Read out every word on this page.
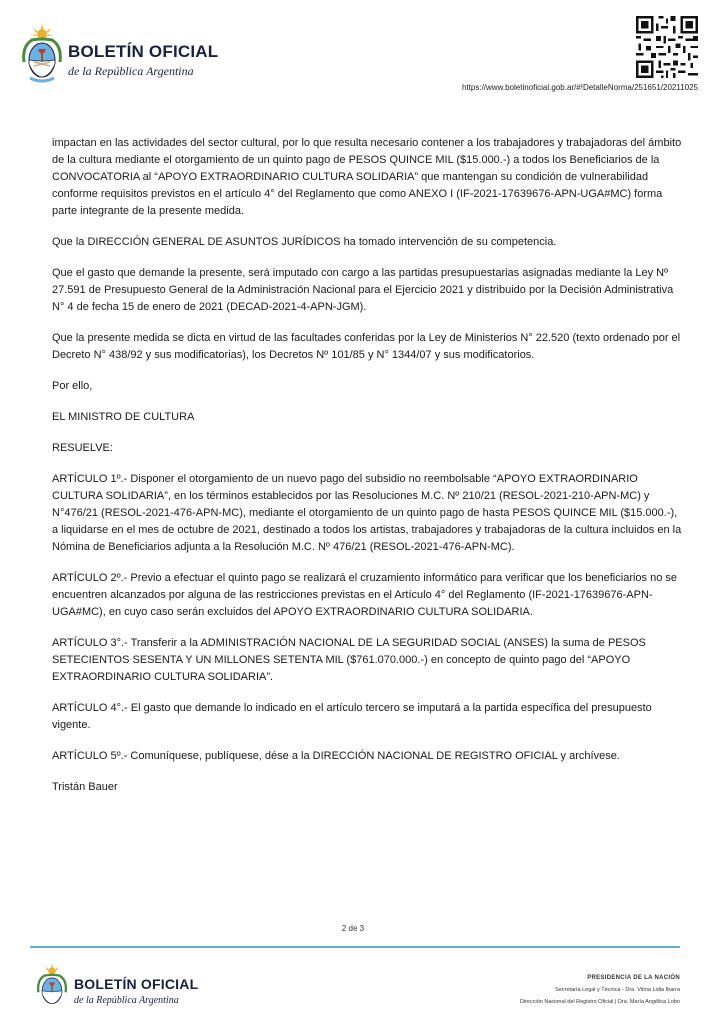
BOLETÍN OFICIAL
de la República Argentina
https://www.boletinoficial.gob.ar/#!DetalleNorma/251651/20211025

impactan en las actividades del sector cultural, por lo que resulta necesario contener a los trabajadores y trabajadoras del ámbito de la cultura mediante el otorgamiento de un quinto pago de PESOS QUINCE MIL ($15.000.-) a todos los Beneficiarios de la CONVOCATORIA al “APOYO EXTRAORDINARIO CULTURA SOLIDARIA” que mantengan su condición de vulnerabilidad conforme requisitos previstos en el artículo 4° del Reglamento que como ANEXO I (IF-2021-17639676-APN-UGA#MC) forma parte integrante de la presente medida.

Que la DIRECCIÓN GENERAL DE ASUNTOS JURÍDICOS ha tomado intervención de su competencia.

Que el gasto que demande la presente, será imputado con cargo a las partidas presupuestarias asignadas mediante la Ley Nº 27.591 de Presupuesto General de la Administración Nacional para el Ejercicio 2021 y distribuido por la Decisión Administrativa N° 4 de fecha 15 de enero de 2021 (DECAD-2021-4-APN-JGM).

Que la presente medida se dicta en virtud de las facultades conferidas por la Ley de Ministerios N° 22.520 (texto ordenado por el Decreto N° 438/92 y sus modificatorias), los Decretos Nº 101/85 y N° 1344/07 y sus modificatorios.

Por ello,

EL MINISTRO DE CULTURA

RESUELVE:

ARTÍCULO 1º.- Disponer el otorgamiento de un nuevo pago del subsidio no reembolsable “APOYO EXTRAORDINARIO CULTURA SOLIDARIA”, en los términos establecidos por las Resoluciones M.C. Nº 210/21 (RESOL-2021-210-APN-MC) y N°476/21 (RESOL-2021-476-APN-MC), mediante el otorgamiento de un quinto pago de hasta PESOS QUINCE MIL ($15.000.-), a liquidarse en el mes de octubre de 2021, destinado a todos los artistas, trabajadores y trabajadoras de la cultura incluidos en la Nómina de Beneficiarios adjunta a la Resolución M.C. Nº 476/21 (RESOL-2021-476-APN-MC).

ARTÍCULO 2º.- Previo a efectuar el quinto pago se realizará el cruzamiento informático para verificar que los beneficiarios no se encuentren alcanzados por alguna de las restricciones previstas en el Artículo 4° del Reglamento (IF-2021-17639676-APN-UGA#MC), en cuyo caso serán excluidos del APOYO EXTRAORDINARIO CULTURA SOLIDARIA.

ARTÍCULO 3°.- Transferir a la ADMINISTRACIÓN NACIONAL DE LA SEGURIDAD SOCIAL (ANSES) la suma de PESOS SETECIENTOS SESENTA Y UN MILLONES SETENTA MIL ($761.070.000.-) en concepto de quinto pago del “APOYO EXTRAORDINARIO CULTURA SOLIDARIA”.

ARTÍCULO 4°.- El gasto que demande lo indicado en el artículo tercero se imputará a la partida específica del presupuesto vigente.

ARTÍCULO 5º.- Comuníquese, publíquese, dése a la DIRECCIÓN NACIONAL DE REGISTRO OFICIAL y archívese.

Tristán Bauer

2 de 3
BOLETÍN OFICIAL
de la República Argentina
PRESIDENCIA DE LA NACIÓN
Secretaría Legal y Técnica - Dra. Vilma Lidia Ibarra
Dirección Nacional del Registro Oficial | Dra. María Angélica Lobo
